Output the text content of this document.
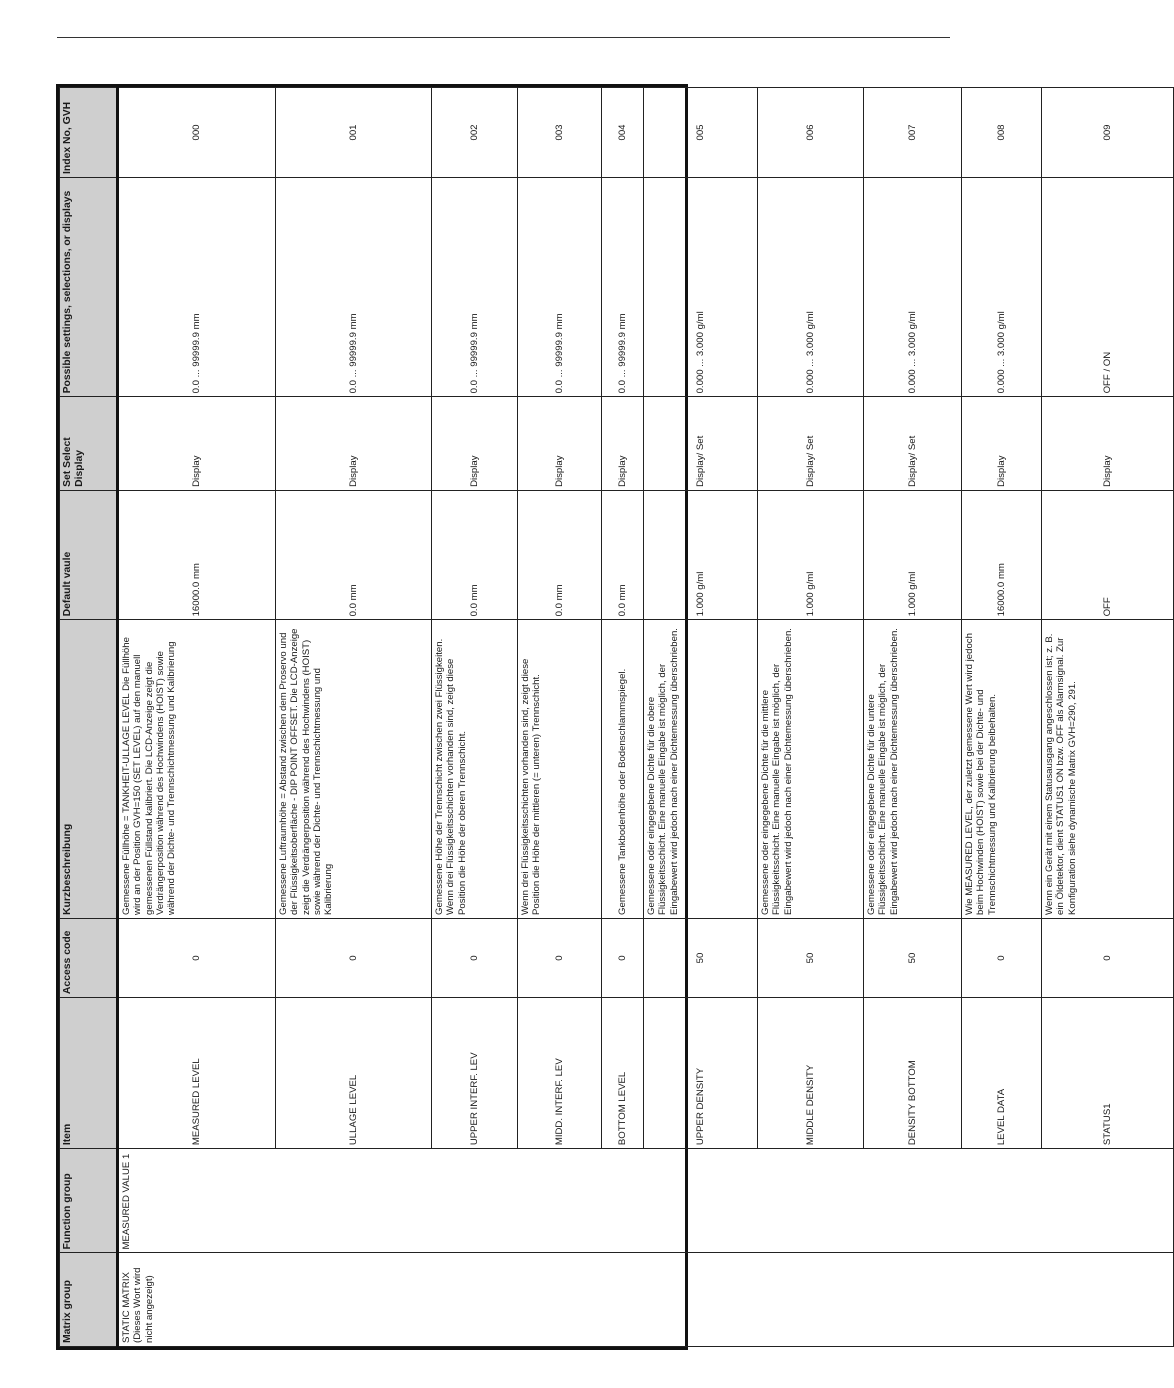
Matrix group	Function group	Item	Access code	Kurzbeschreibung	Default vaule	Set Select Display	Possible settings, selections, or displays	Index No, GVH
STATIC MATRIX (Dieses Wort wird nicht angezeigt)	MEASURED VALUE 1	MEASURED LEVEL	0	Gemessene Füllhöhe = TANKHEIT-ULLAGE LEVEL Die Füllhöhe wird an der Position GVH=150 (SET LEVEL) auf den manuell gemessenen Füllstand kalibriert. Die LCD-Anzeige zeigt die Verdrängerposition während des Hochwindens (HOIST) sowie während der Dichte- und Trennschichtmessung und Kalibrierung	16000.0 mm	Display	0.0 ... 99999.9 mm	000
		ULLAGE LEVEL	0	Gemessene Luftraumhöhe = Abstand zwischen dem Proservo und der Flüssigkeitsoberfläche - DIP POINT OFFSET. Die LCD-Anzeige zeigt die Verdrängerposition während des Hochwindens (HOIST) sowie während der Dichte- und Trennschichtmessung und Kalibrierung	0.0 mm	Display	0.0 ... 99999.9 mm	001
		UPPER INTERF. LEV	0	Gemessene Höhe der Trennschicht zwischen zwei Flüssigkeiten. Wenn drei Flüssigkeitsschichten vorhanden sind, zeigt diese Position die Höhe der oberen Trennschicht.	0.0 mm	Display	0.0 ... 99999.9 mm	002
		MIDD. INTERF. LEV	0	Wenn drei Flüssigkeitsschichten vorhanden sind, zeigt diese Position die Höhe der mittleren (= unteren) Trennschicht.	0.0 mm	Display	0.0 ... 99999.9 mm	003
		BOTTOM LEVEL	0	Gemessene Tankbodenhöhe oder Bodenschlammspiegel.	0.0 mm	Display	0.0 ... 99999.9 mm	004
		UPPER DENSITY	50	Gemessene oder eingegebene Dichte für die obere Flüssigkeitsschicht. Eine manuelle Eingabe ist möglich, der Eingabewert wird jedoch nach einer Dichtemessung überschrieben.	1.000 g/ml	Display/ Set	0.000 ... 3.000 g/ml	005
		MIDDLE DENSITY	50	Gemessene oder eingegebene Dichte für die mittlere Flüssigkeitsschicht. Eine manuelle Eingabe ist möglich, der Eingabewert wird jedoch nach einer Dichtemessung überschrieben.	1.000 g/ml	Display/ Set	0.000 ... 3.000 g/ml	006
		DENSITY BOTTOM	50	Gemessene oder eingegebene Dichte für die untere Flüssigkeitsschicht. Eine manuelle Eingabe ist möglich, der Eingabewert wird jedoch nach einer Dichtemessung überschrieben.	1.000 g/ml	Display/ Set	0.000 ... 3.000 g/ml	007
		LEVEL DATA	0	Wie MEASURED LEVEL, der zuletzt gemessene Wert wird jedoch beim Hochwinden (HOIST) sowie bei der Dichte- und Trennschichtmessung und Kalibrierung beibehalten.	16000.0 mm	Display	0.000 ... 3.000 g/ml	008
		STATUS1	0	Wenn ein Gerät mit einem Statusausgang angeschlossen ist; z. B. ein Öldetektor, dient STATUS1 ON bzw. OFF als Alarmsignal. Zur Konfiguration siehe dynamische Matrix GVH=290, 291.	OFF	Display	OFF / ON	009
